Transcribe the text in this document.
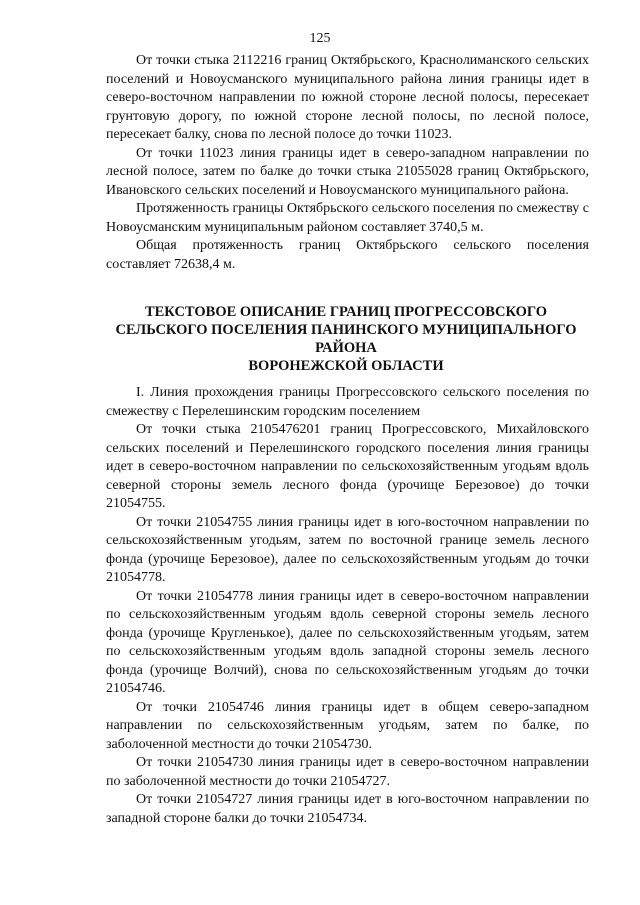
125

От точки стыка 2112216 границ Октябрьского, Краснолиманского сельских поселений и Новоусманского муниципального района линия границы идет в северо-восточном направлении по южной стороне лесной полосы, пересекает грунтовую дорогу, по южной стороне лесной полосы, по лесной полосе, пересекает балку, снова по лесной полосе до точки 11023.

От точки 11023 линия границы идет в северо-западном направлении по лесной полосе, затем по балке до точки стыка 21055028 границ Октябрьского, Ивановского сельских поселений и Новоусманского муниципального района.

Протяженность границы Октябрьского сельского поселения по смежеству с Новоусманским муниципальным районом составляет 3740,5 м.

Общая протяженность границ Октябрьского сельского поселения составляет 72638,4 м.

ТЕКСТОВОЕ ОПИСАНИЕ ГРАНИЦ ПРОГРЕССОВСКОГО
СЕЛЬСКОГО ПОСЕЛЕНИЯ ПАНИНСКОГО МУНИЦИПАЛЬНОГО
РАЙОНА
ВОРОНЕЖСКОЙ ОБЛАСТИ

I. Линия прохождения границы Прогрессовского сельского поселения по смежеству с Перелешинским городским поселением

От точки стыка 2105476201 границ Прогрессовского, Михайловского сельских поселений и Перелешинского городского поселения линия границы идет в северо-восточном направлении по сельскохозяйственным угодьям вдоль северной стороны земель лесного фонда (урочище Березовое) до точки 21054755.

От точки 21054755 линия границы идет в юго-восточном направлении по сельскохозяйственным угодьям, затем по восточной границе земель лесного фонда (урочище Березовое), далее по сельскохозяйственным угодьям до точки 21054778.

От точки 21054778 линия границы идет в северо-восточном направлении по сельскохозяйственным угодьям вдоль северной стороны земель лесного фонда (урочище Кругленькое), далее по сельскохозяйственным угодьям, затем по сельскохозяйственным угодьям вдоль западной стороны земель лесного фонда (урочище Волчий), снова по сельскохозяйственным угодьям до точки 21054746.

От точки 21054746 линия границы идет в общем северо-западном направлении по сельскохозяйственным угодьям, затем по балке, по заболоченной местности до точки 21054730.

От точки 21054730 линия границы идет в северо-восточном направлении по заболоченной местности до точки 21054727.

От точки 21054727 линия границы идет в юго-восточном направлении по западной стороне балки до точки 21054734.
